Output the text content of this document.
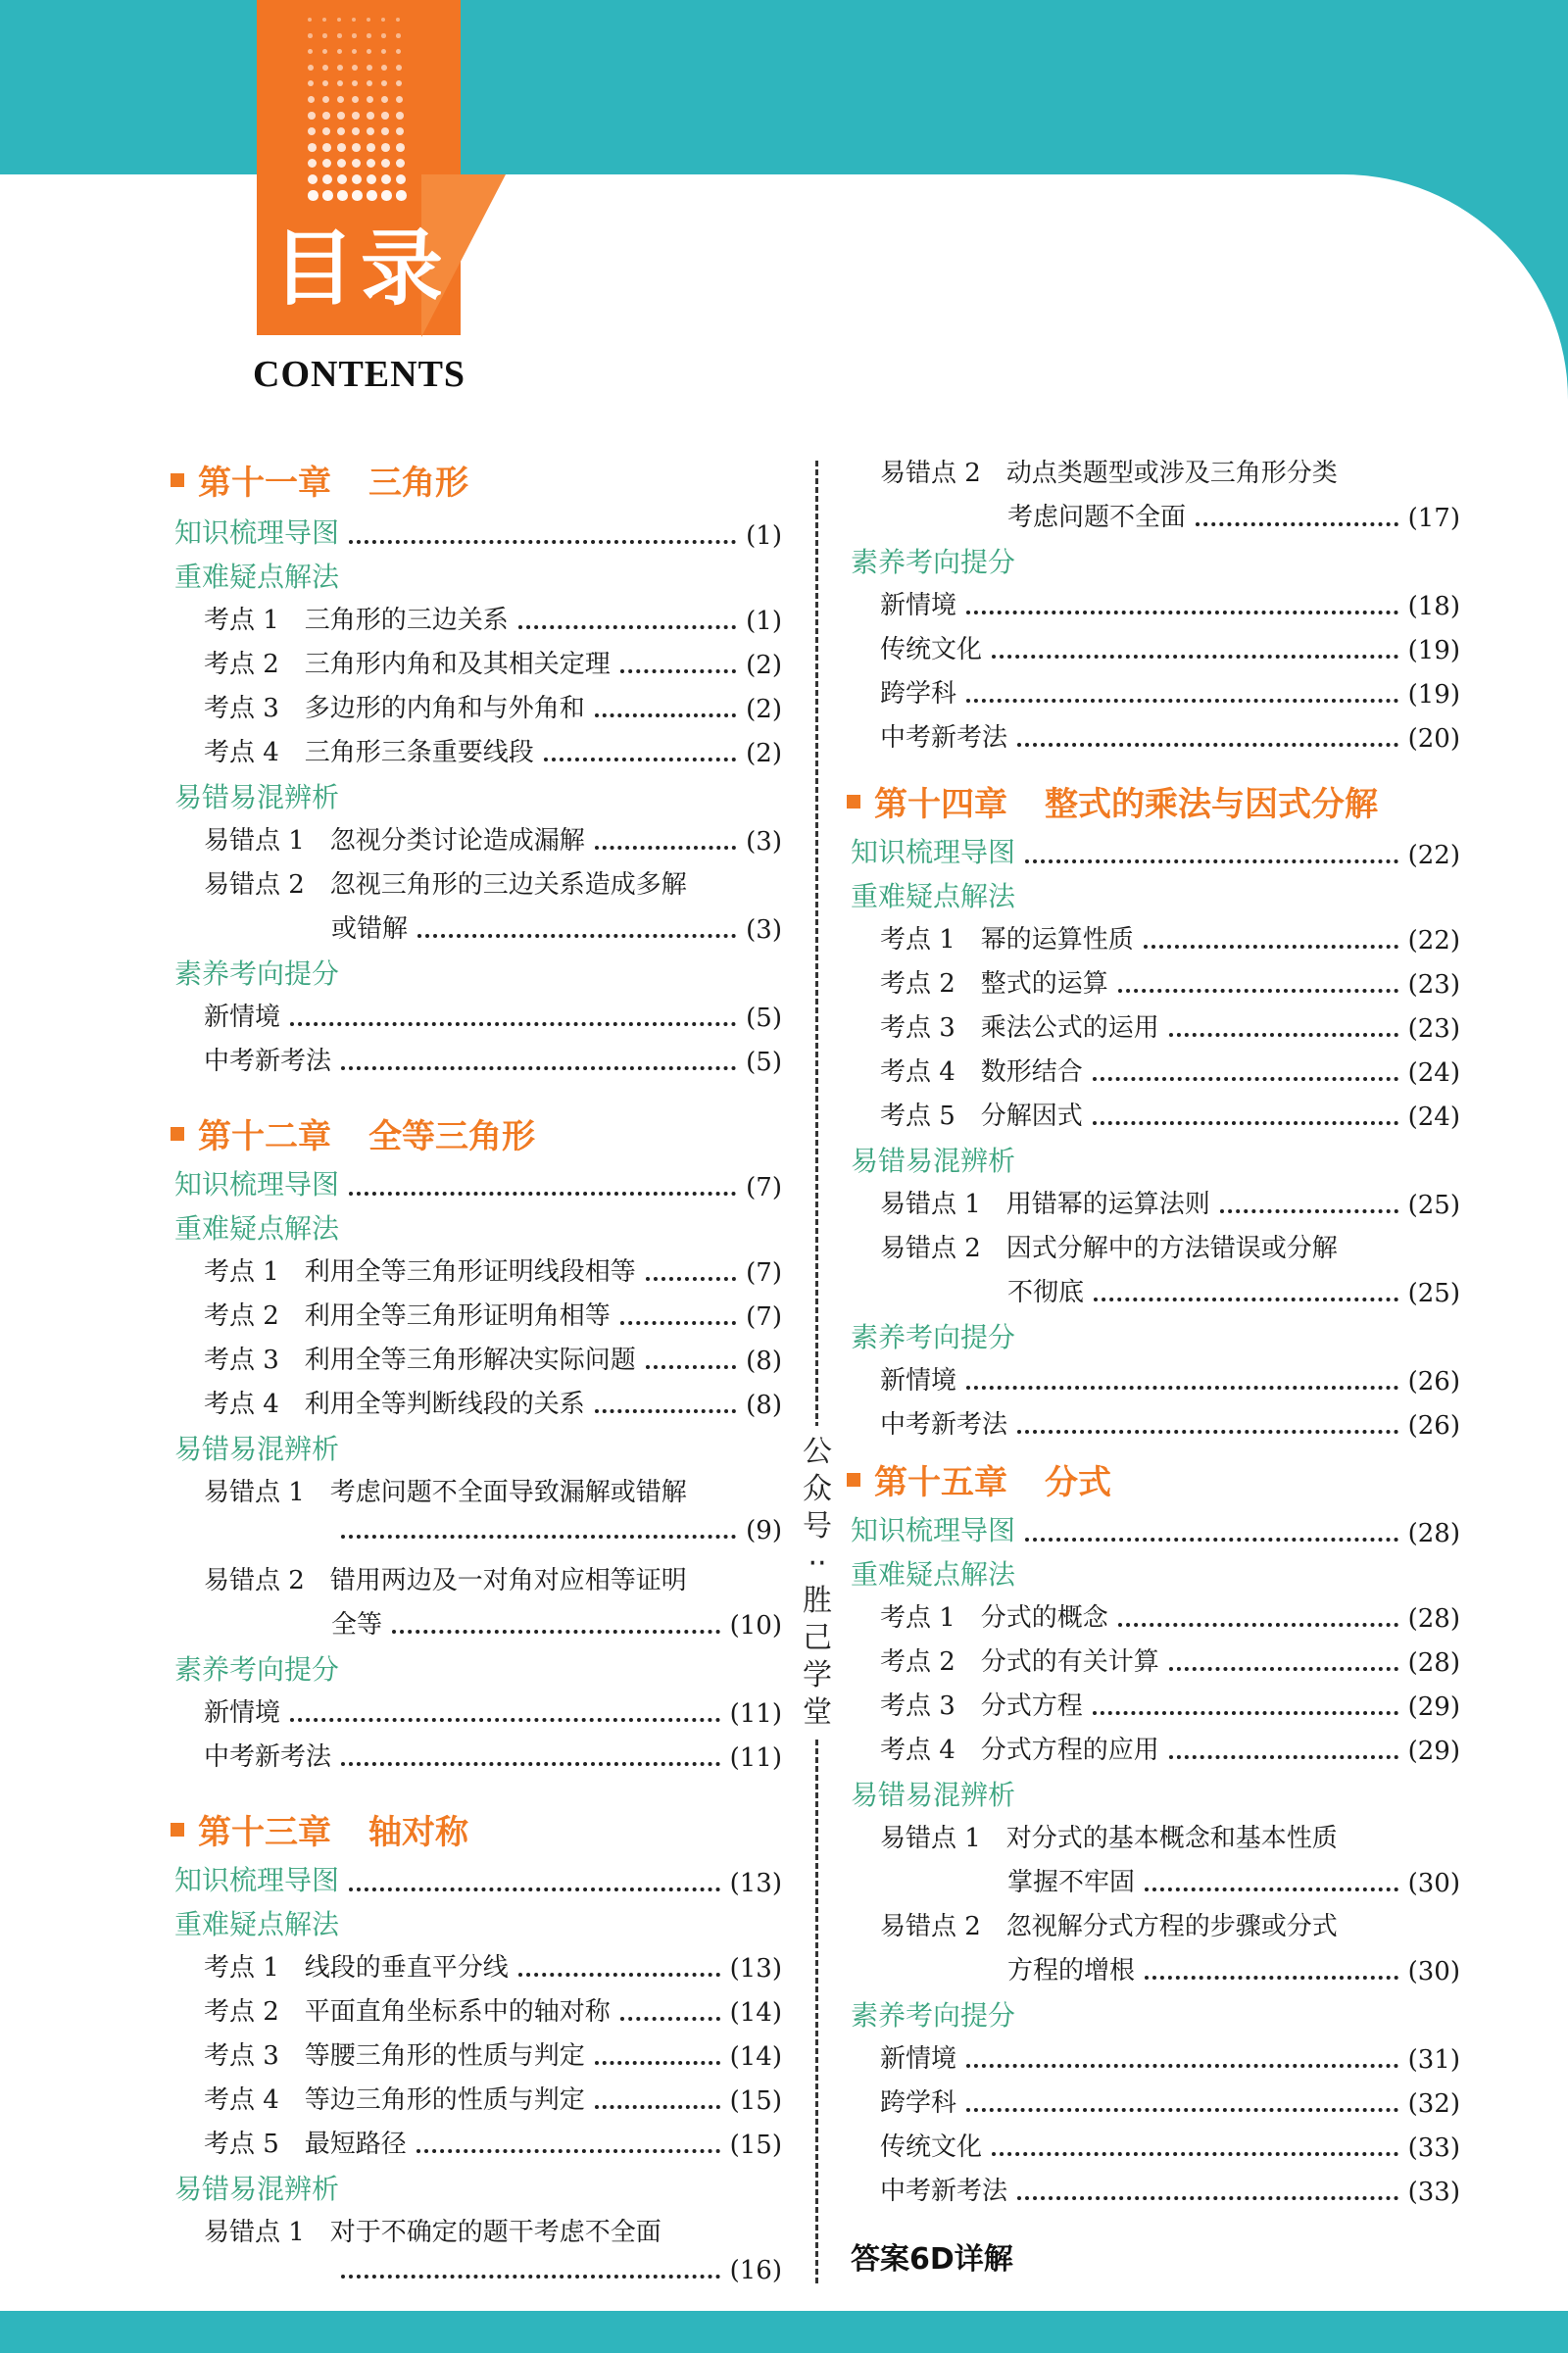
目录
CONTENTS
公众号··胜己学堂
第十一章 三角形
知识梳理导图	(1)
重难疑点解法
考点 1　三角形的三边关系	(1)
考点 2　三角形内角和及其相关定理	(2)
考点 3　多边形的内角和与外角和	(2)
考点 4　三角形三条重要线段	(2)
易错易混辨析
易错点 1　忽视分类讨论造成漏解	(3)
易错点 2　忽视三角形的三边关系造成多解
或错解	(3)
素养考向提分
新情境	(5)
中考新考法	(5)
第十二章 全等三角形
知识梳理导图	(7)
重难疑点解法
考点 1　利用全等三角形证明线段相等	(7)
考点 2　利用全等三角形证明角相等	(7)
考点 3　利用全等三角形解决实际问题	(8)
考点 4　利用全等判断线段的关系	(8)
易错易混辨析
易错点 1　考虑问题不全面导致漏解或错解
(9)
易错点 2　错用两边及一对角对应相等证明
全等	(10)
素养考向提分
新情境	(11)
中考新考法	(11)
第十三章 轴对称
知识梳理导图	(13)
重难疑点解法
考点 1　线段的垂直平分线	(13)
考点 2　平面直角坐标系中的轴对称	(14)
考点 3　等腰三角形的性质与判定	(14)
考点 4　等边三角形的性质与判定	(15)
考点 5　最短路径	(15)
易错易混辨析
易错点 1　对于不确定的题干考虑不全面
(16)
易错点 2　动点类题型或涉及三角形分类
考虑问题不全面	(17)
素养考向提分
新情境	(18)
传统文化	(19)
跨学科	(19)
中考新考法	(20)
第十四章 整式的乘法与因式分解
知识梳理导图	(22)
重难疑点解法
考点 1　幂的运算性质	(22)
考点 2　整式的运算	(23)
考点 3　乘法公式的运用	(23)
考点 4　数形结合	(24)
考点 5　分解因式	(24)
易错易混辨析
易错点 1　用错幂的运算法则	(25)
易错点 2　因式分解中的方法错误或分解
不彻底	(25)
素养考向提分
新情境	(26)
中考新考法	(26)
第十五章 分式
知识梳理导图	(28)
重难疑点解法
考点 1　分式的概念	(28)
考点 2　分式的有关计算	(28)
考点 3　分式方程	(29)
考点 4　分式方程的应用	(29)
易错易混辨析
易错点 1　对分式的基本概念和基本性质
掌握不牢固	(30)
易错点 2　忽视解分式方程的步骤或分式
方程的增根	(30)
素养考向提分
新情境	(31)
跨学科	(32)
传统文化	(33)
中考新考法	(33)
答案6D详解
